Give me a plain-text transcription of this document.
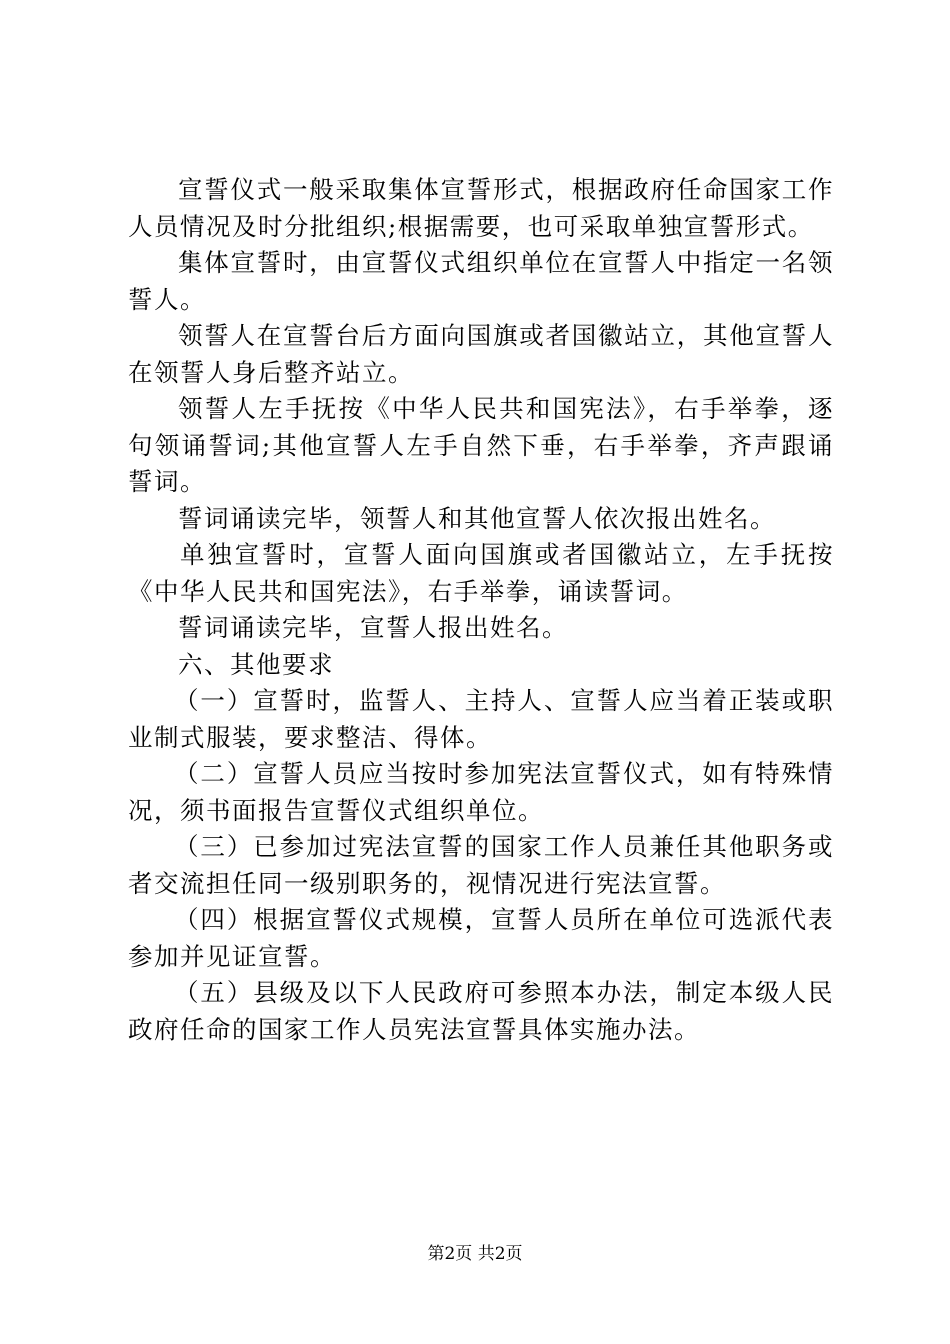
宣誓仪式一般采取集体宣誓形式，根据政府任命国家工作人员情况及时分批组织;根据需要，也可采取单独宣誓形式。

集体宣誓时，由宣誓仪式组织单位在宣誓人中指定一名领誓人。

领誓人在宣誓台后方面向国旗或者国徽站立，其他宣誓人在领誓人身后整齐站立。

领誓人左手抚按《中华人民共和国宪法》，右手举拳，逐句领诵誓词;其他宣誓人左手自然下垂，右手举拳，齐声跟诵誓词。

誓词诵读完毕，领誓人和其他宣誓人依次报出姓名。

单独宣誓时，宣誓人面向国旗或者国徽站立，左手抚按《中华人民共和国宪法》，右手举拳，诵读誓词。

誓词诵读完毕，宣誓人报出姓名。

六、其他要求

（一）宣誓时，监誓人、主持人、宣誓人应当着正装或职业制式服装，要求整洁、得体。

（二）宣誓人员应当按时参加宪法宣誓仪式，如有特殊情况，须书面报告宣誓仪式组织单位。

（三）已参加过宪法宣誓的国家工作人员兼任其他职务或者交流担任同一级别职务的，视情况进行宪法宣誓。

（四）根据宣誓仪式规模，宣誓人员所在单位可选派代表参加并见证宣誓。

（五）县级及以下人民政府可参照本办法，制定本级人民政府任命的国家工作人员宪法宣誓具体实施办法。

第2页 共2页
